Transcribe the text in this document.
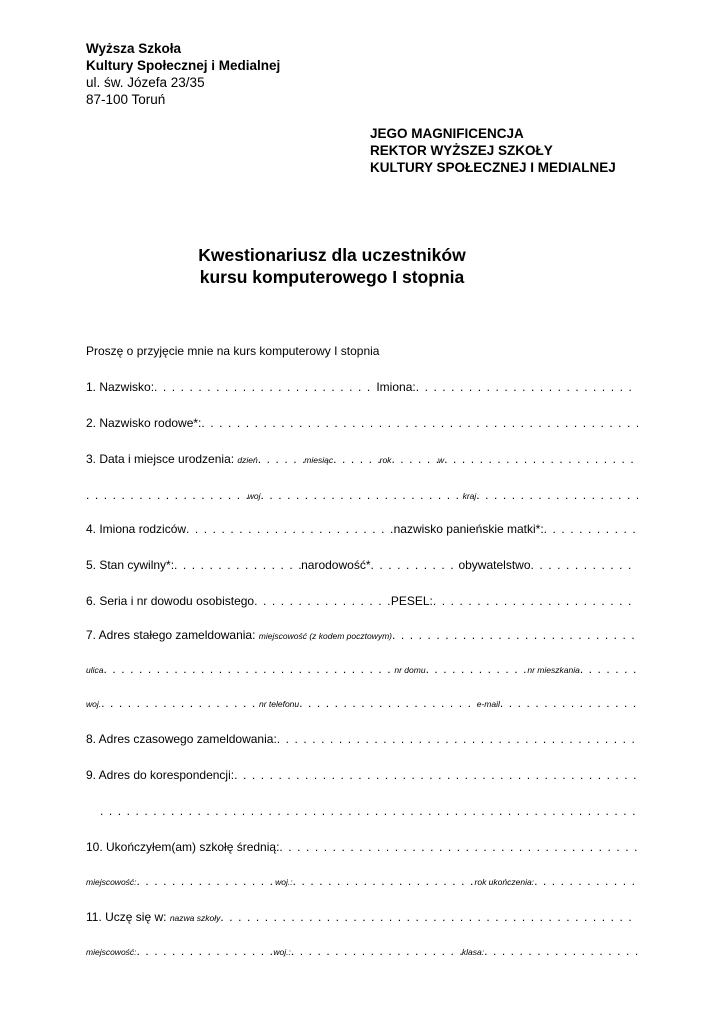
Wyższa Szkoła
Kultury Społecznej i Medialnej
ul. św. Józefa 23/35
87-100 Toruń
JEGO MAGNIFICENCJA
REKTOR WYŻSZEJ SZKOŁY
KULTURY SPOŁECZNEJ I MEDIALNEJ
Kwestionariusz dla uczestników
kursu komputerowego I stopnia
Proszę o przyjęcie mnie na kurs komputerowy I stopnia
1. Nazwisko: . . .	Imiona:
. . .
2. Nazwisko rodowe*:
. . .
3. Data i miejsce urodzenia:
dzień . . .	miesiąc . . .	rok . . .	w
. . .
. . .
woj . . .	kraj
. . .
4. Imiona rodziców . . .	nazwisko panieńskie matki*:
. . .
5. Stan cywilny*: . . .	narodowość* . . .	obywatelstwo
. . .
6. Seria i nr dowodu osobistego . . .	PESEL:
. . .
7. Adres stałego zameldowania:
miejscowość (z kodem pocztowym)
. . .
ulica . . .	nr domu . . .	nr mieszkania
. . .
woj. . . .	nr telefonu . . .	e-mail
. . .
8. Adres czasowego zameldowania:
. . .
9. Adres do korespondencji:
. . .
. . .
10. Ukończyłem(am) szkołę średnią:
. . .
miejscowość: . . .	woj.: . . .	rok ukończenia:
. . .
11. Uczę się w:
nazwa szkoły
. . .
miejscowość: . . .	woj.: . . .	klasa:
. . .
